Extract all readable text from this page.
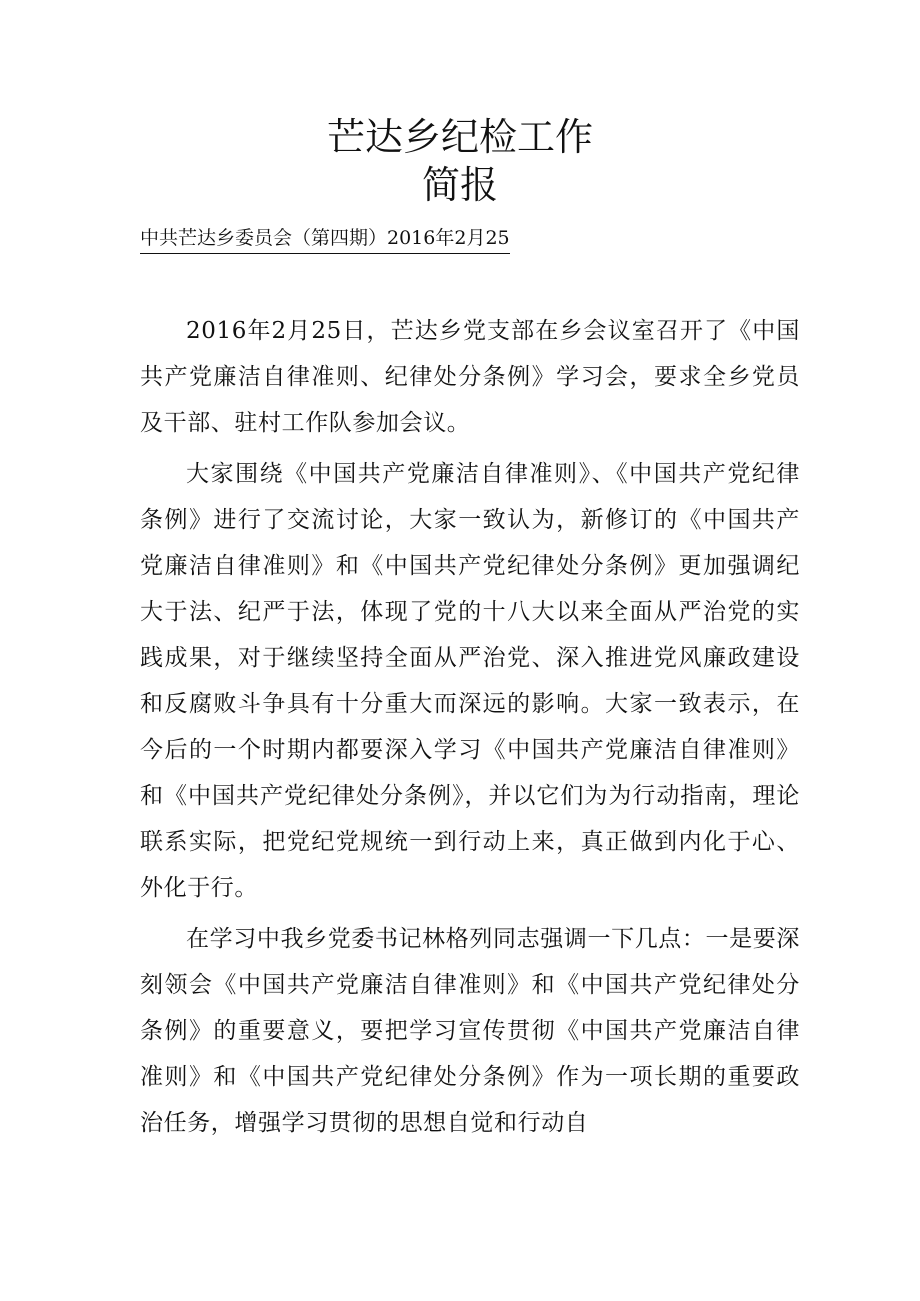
芒达乡纪检工作
简报

中共芒达乡委员会（第四期）2016年2月25

2016年2月25日，芒达乡党支部在乡会议室召开了《中国共产党廉洁自律准则、纪律处分条例》学习会，要求全乡党员及干部、驻村工作队参加会议。

大家围绕《中国共产党廉洁自律准则》、《中国共产党纪律条例》进行了交流讨论，大家一致认为，新修订的《中国共产党廉洁自律准则》和《中国共产党纪律处分条例》更加强调纪大于法、纪严于法，体现了党的十八大以来全面从严治党的实践成果，对于继续坚持全面从严治党、深入推进党风廉政建设和反腐败斗争具有十分重大而深远的影响。大家一致表示，在今后的一个时期内都要深入学习《中国共产党廉洁自律准则》和《中国共产党纪律处分条例》，并以它们为为行动指南，理论联系实际，把党纪党规统一到行动上来，真正做到内化于心、外化于行。

在学习中我乡党委书记林格列同志强调一下几点：一是要深刻领会《中国共产党廉洁自律准则》和《中国共产党纪律处分条例》的重要意义，要把学习宣传贯彻《中国共产党廉洁自律准则》和《中国共产党纪律处分条例》作为一项长期的重要政治任务，增强学习贯彻的思想自觉和行动自
